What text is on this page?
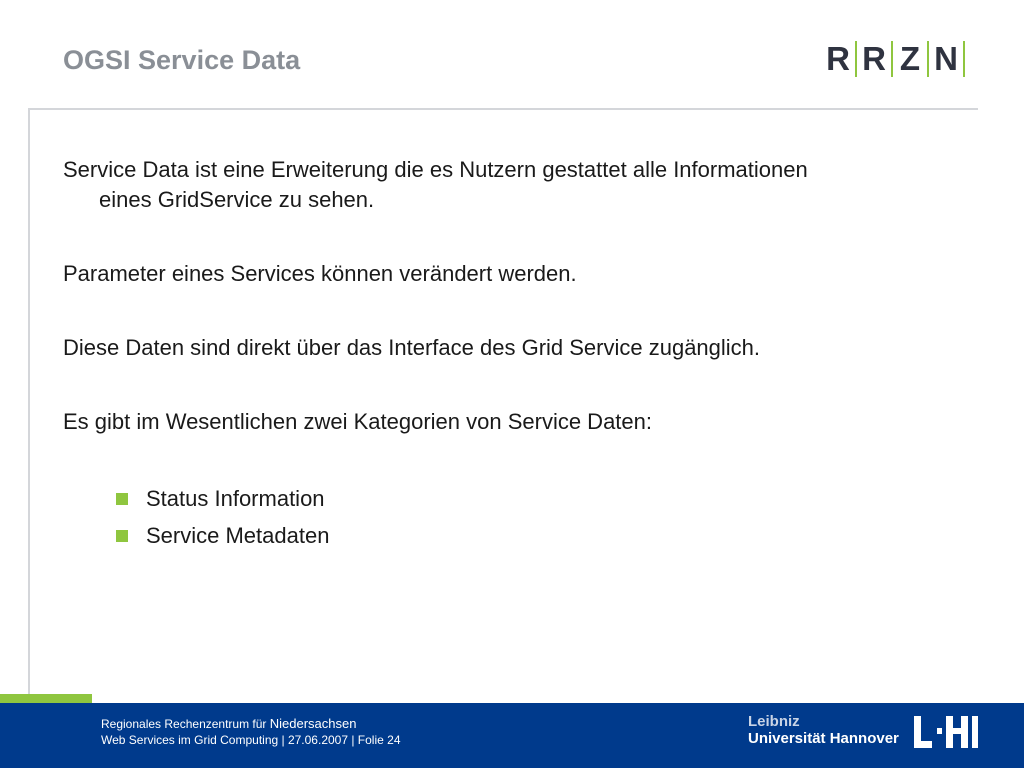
OGSI Service Data	R R Z N
Service Data ist eine Erweiterung die es Nutzern gestattet alle Informationen
eines GridService zu sehen.
Parameter eines Services können verändert werden.
Diese Daten sind direkt über das Interface des Grid Service zugänglich.
Es gibt im Wesentlichen zwei Kategorien von Service Daten:
Status Information
Service Metadaten
Regionales Rechenzentrum für Niedersachsen
Web Services im Grid Computing | 27.06.2007 | Folie 24
Leibniz
Universität Hannover
